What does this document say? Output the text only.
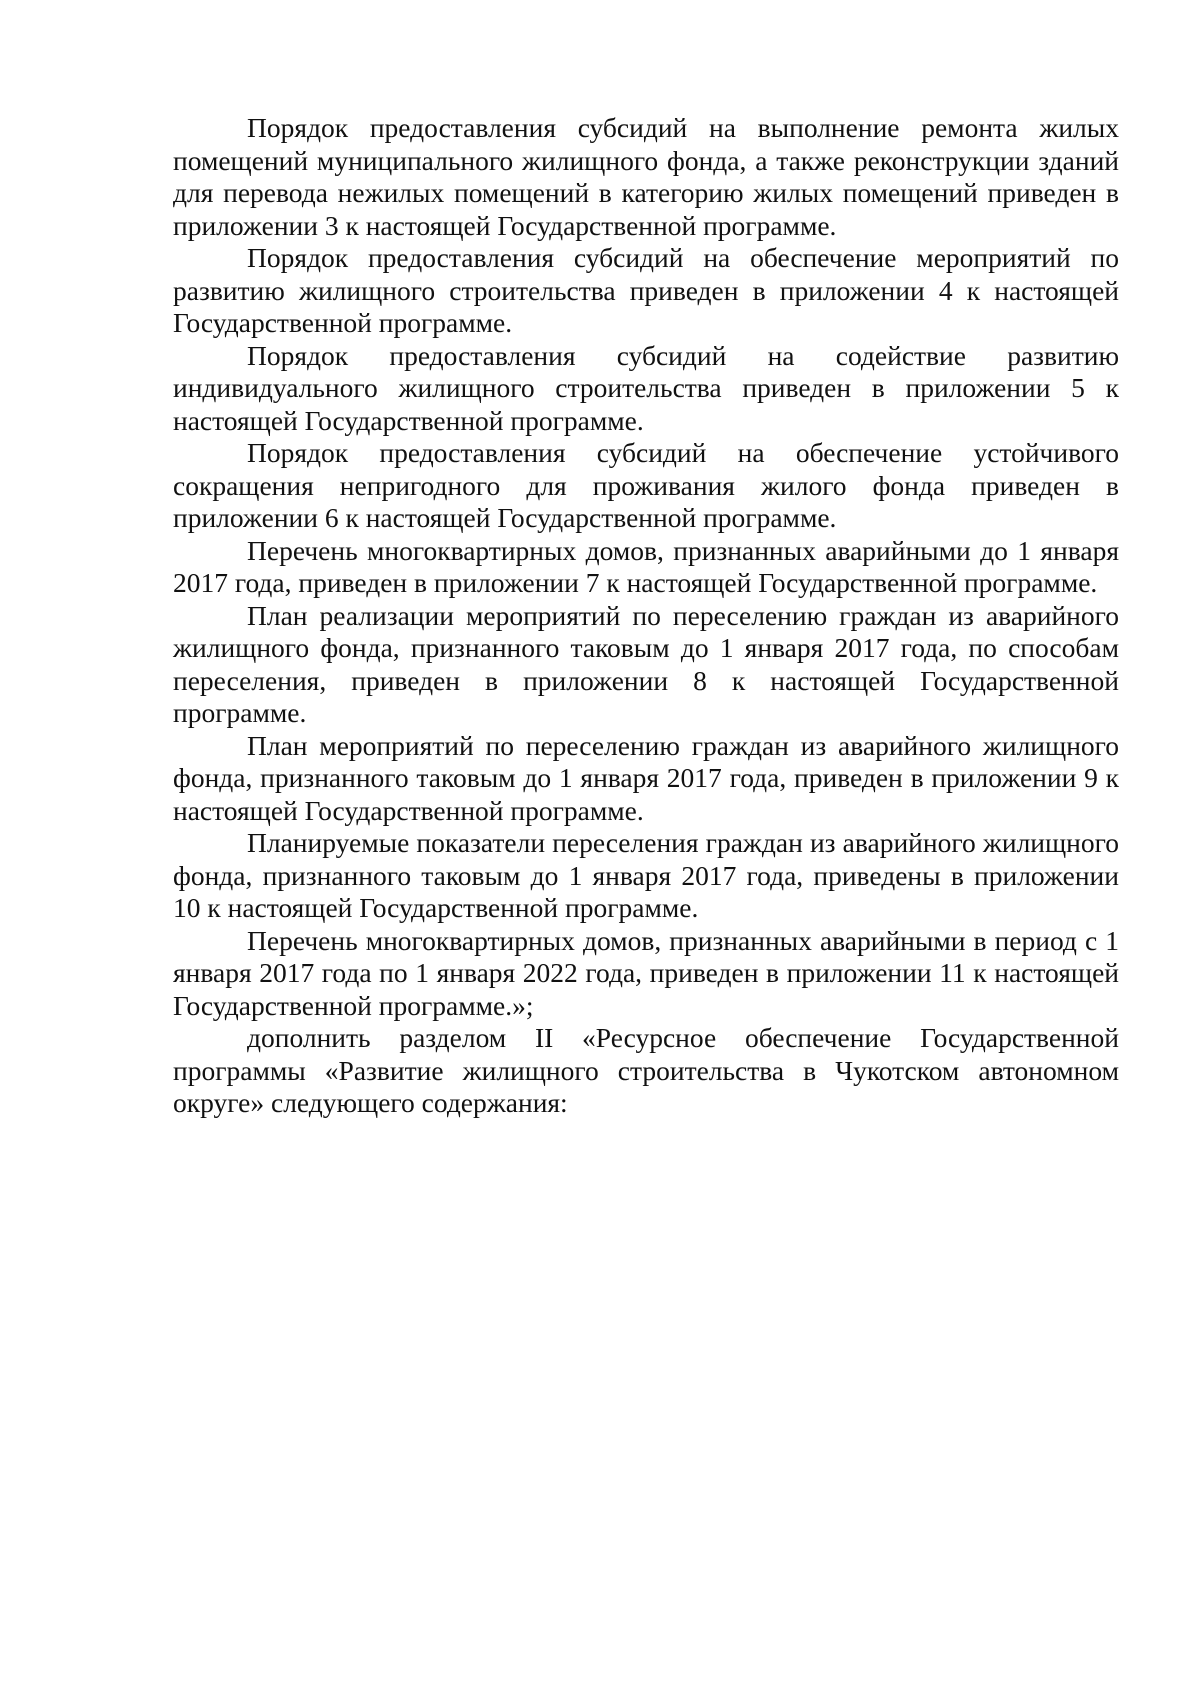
Порядок предоставления субсидий на выполнение ремонта жилых помещений муниципального жилищного фонда, а также реконструкции зданий для перевода нежилых помещений в категорию жилых помещений приведен в приложении 3 к настоящей Государственной программе.

Порядок предоставления субсидий на обеспечение мероприятий по развитию жилищного строительства приведен в приложении 4 к настоящей Государственной программе.

Порядок предоставления субсидий на содействие развитию индивидуального жилищного строительства приведен в приложении 5 к настоящей Государственной программе.

Порядок предоставления субсидий на обеспечение устойчивого сокращения непригодного для проживания жилого фонда приведен в приложении 6 к настоящей Государственной программе.

Перечень многоквартирных домов, признанных аварийными до 1 января 2017 года, приведен в приложении 7 к настоящей Государственной программе.

План реализации мероприятий по переселению граждан из аварийного жилищного фонда, признанного таковым до 1 января 2017 года, по способам переселения, приведен в приложении 8 к настоящей Государственной программе.

План мероприятий по переселению граждан из аварийного жилищного фонда, признанного таковым до 1 января 2017 года, приведен в приложении 9 к настоящей Государственной программе.

Планируемые показатели переселения граждан из аварийного жилищного фонда, признанного таковым до 1 января 2017 года, приведены в приложении 10 к настоящей Государственной программе.

Перечень многоквартирных домов, признанных аварийными в период с 1 января 2017 года по 1 января 2022 года, приведен в приложении 11 к настоящей Государственной программе.»;

дополнить разделом II «Ресурсное обеспечение Государственной программы «Развитие жилищного строительства в Чукотском автономном округе» следующего содержания:
